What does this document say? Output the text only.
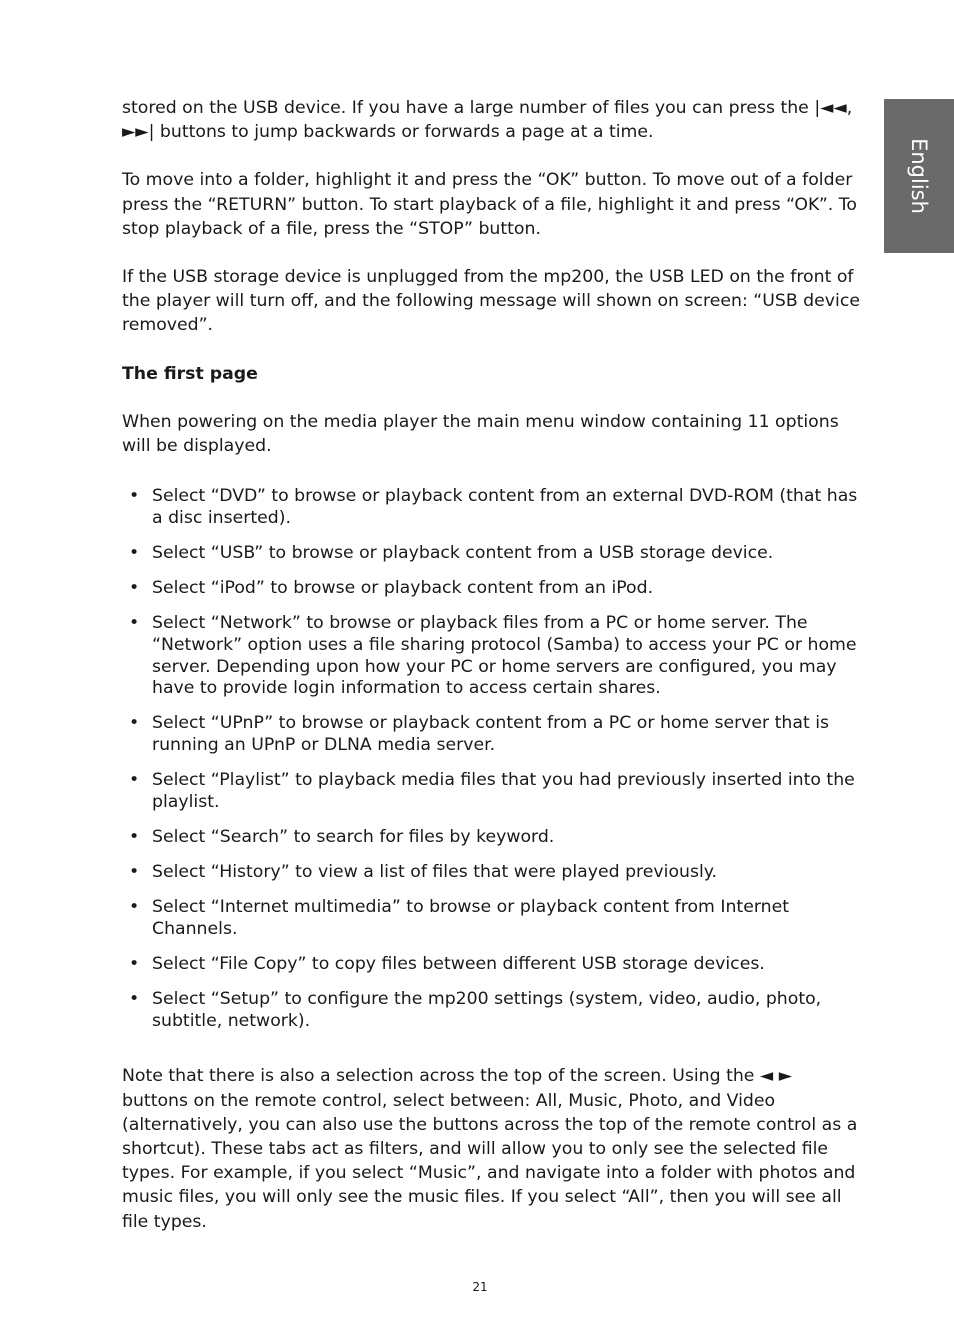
English

stored on the USB device. If you have a large number of files you can press the |◄◄, ►►| buttons to jump backwards or forwards a page at a time.

To move into a folder, highlight it and press the “OK” button. To move out of a folder press the “RETURN” button. To start playback of a file, highlight it and press “OK”. To stop playback of a file, press the “STOP” button.

If the USB storage device is unplugged from the mp200, the USB LED on the front of the player will turn off, and the following message will shown on screen: “USB device removed”.

The first page

When powering on the media player the main menu window containing 11 options will be displayed.

• Select “DVD” to browse or playback content from an external DVD-ROM (that has a disc inserted).
• Select “USB” to browse or playback content from a USB storage device.
• Select “iPod” to browse or playback content from an iPod.
• Select “Network” to browse or playback files from a PC or home server. The “Network” option uses a file sharing protocol (Samba) to access your PC or home server. Depending upon how your PC or home servers are configured, you may have to provide login information to access certain shares.
• Select “UPnP” to browse or playback content from a PC or home server that is running an UPnP or DLNA media server.
• Select “Playlist” to playback media files that you had previously inserted into the playlist.
• Select “Search” to search for files by keyword.
• Select “History” to view a list of files that were played previously.
• Select “Internet multimedia” to browse or playback content from Internet Channels.
• Select “File Copy” to copy files between different USB storage devices.
• Select “Setup” to configure the mp200 settings (system, video, audio, photo, subtitle, network).

Note that there is also a selection across the top of the screen. Using the ◄ ► buttons on the remote control, select between: All, Music, Photo, and Video (alternatively, you can also use the buttons across the top of the remote control as a shortcut). These tabs act as filters, and will allow you to only see the selected file types. For example, if you select “Music”, and navigate into a folder with photos and music files, you will only see the music files. If you select “All”, then you will see all file types.

21
